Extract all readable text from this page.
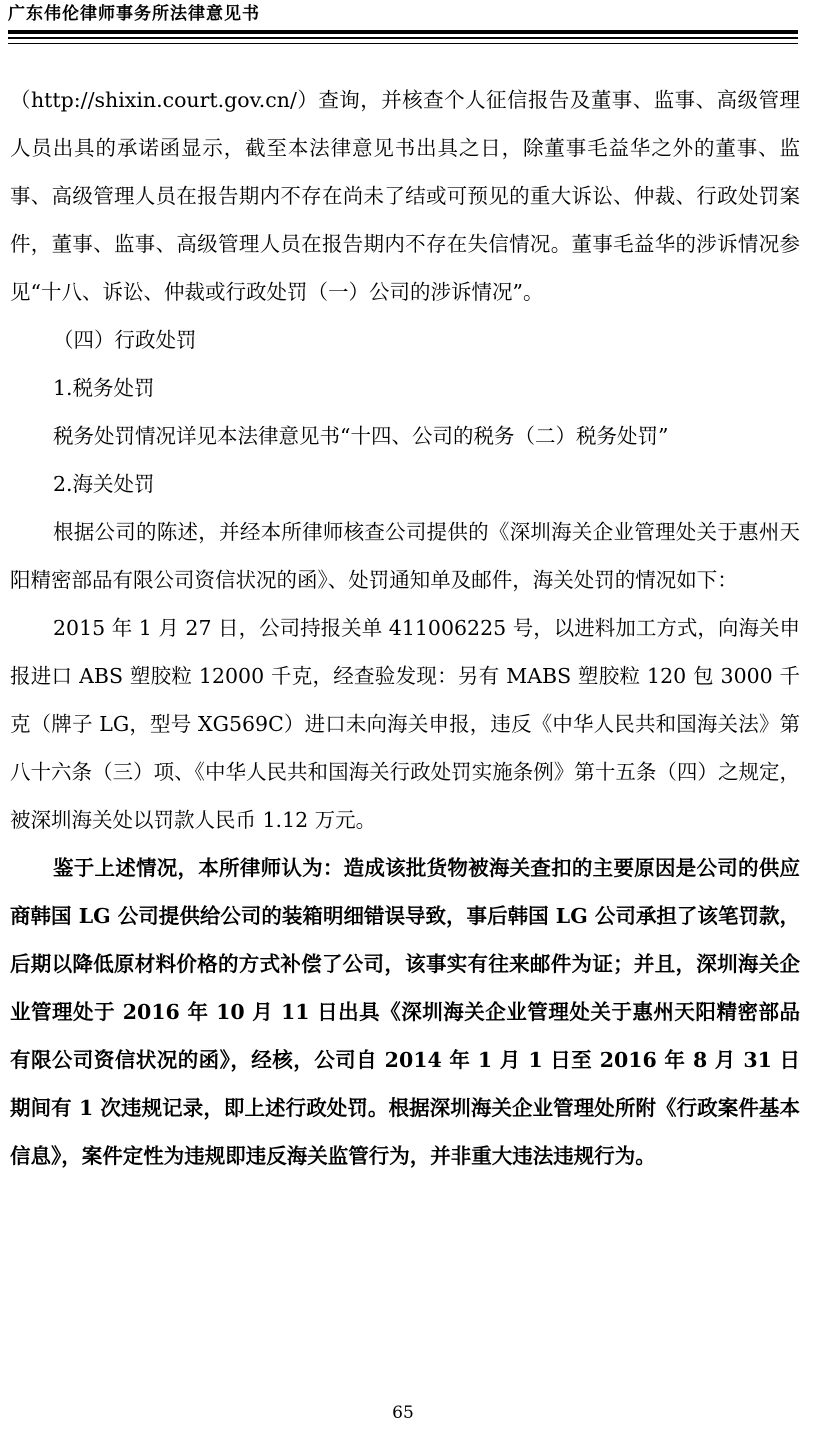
广东伟伦律师事务所法律意见书

（http://shixin.court.gov.cn/）查询，并核查个人征信报告及董事、监事、高级管理人员出具的承诺函显示，截至本法律意见书出具之日，除董事毛益华之外的董事、监事、高级管理人员在报告期内不存在尚未了结或可预见的重大诉讼、仲裁、行政处罚案件，董事、监事、高级管理人员在报告期内不存在失信情况。董事毛益华的涉诉情况参见“十八、诉讼、仲裁或行政处罚（一）公司的涉诉情况”。

（四）行政处罚

1.税务处罚

税务处罚情况详见本法律意见书“十四、公司的税务（二）税务处罚”

2.海关处罚

根据公司的陈述，并经本所律师核查公司提供的《深圳海关企业管理处关于惠州天阳精密部品有限公司资信状况的函》、处罚通知单及邮件，海关处罚的情况如下：

2015 年 1 月 27 日，公司持报关单 411006225 号，以进料加工方式，向海关申报进口 ABS 塑胶粒 12000 千克，经查验发现：另有 MABS 塑胶粒 120 包 3000 千克（牌子 LG，型号 XG569C）进口未向海关申报，违反《中华人民共和国海关法》第八十六条（三）项、《中华人民共和国海关行政处罚实施条例》第十五条（四）之规定，被深圳海关处以罚款人民币 1.12 万元。

鉴于上述情况，本所律师认为：造成该批货物被海关查扣的主要原因是公司的供应商韩国 LG 公司提供给公司的装箱明细错误导致，事后韩国 LG 公司承担了该笔罚款，后期以降低原材料价格的方式补偿了公司，该事实有往来邮件为证；并且，深圳海关企业管理处于 2016 年 10 月 11 日出具《深圳海关企业管理处关于惠州天阳精密部品有限公司资信状况的函》，经核，公司自 2014 年 1 月 1 日至 2016 年 8 月 31 日期间有 1 次违规记录，即上述行政处罚。根据深圳海关企业管理处所附《行政案件基本信息》，案件定性为违规即违反海关监管行为，并非重大违法违规行为。

65
